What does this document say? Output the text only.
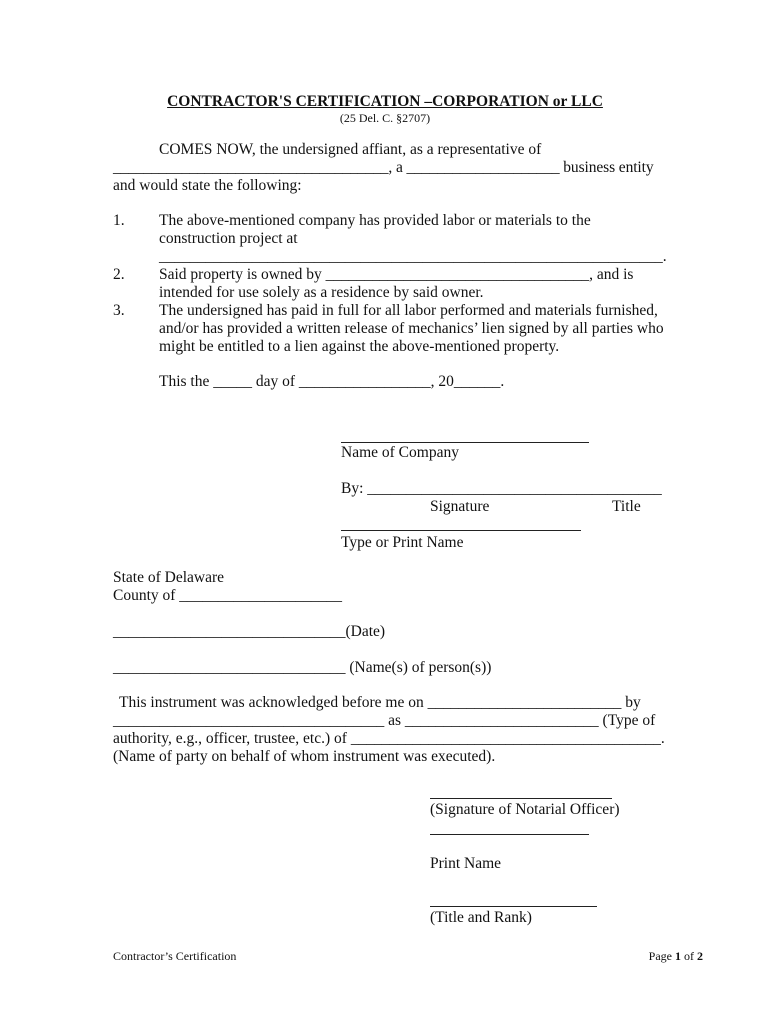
CONTRACTOR'S CERTIFICATION –CORPORATION or LLC
(25 Del. C. §2707)
COMES NOW, the undersigned affiant, as a representative of
____________________________________, a ____________________ business entity
and would state the following:
1. The above-mentioned company has provided labor or materials to the
construction project at
_________________________________________________________________.
2. Said property is owned by __________________________________, and is
intended for use solely as a residence by said owner.
3. The undersigned has paid in full for all labor performed and materials furnished,
and/or has provided a written release of mechanics’ lien signed by all parties who
might be entitled to a lien against the above-mentioned property.
This the _____ day of _________________, 20______.
Name of Company
By: ______________________________________
Signature	Title
Type or Print Name
State of Delaware
County of _____________________
______________________________(Date)
______________________________ (Name(s) of person(s))
This instrument was acknowledged before me on _________________________ by
___________________________________ as _________________________ (Type of
authority, e.g., officer, trustee, etc.) of ________________________________________.
(Name of party on behalf of whom instrument was executed).
(Signature of Notarial Officer)
Print Name
(Title and Rank)
Contractor’s Certification	Page 1 of 2
